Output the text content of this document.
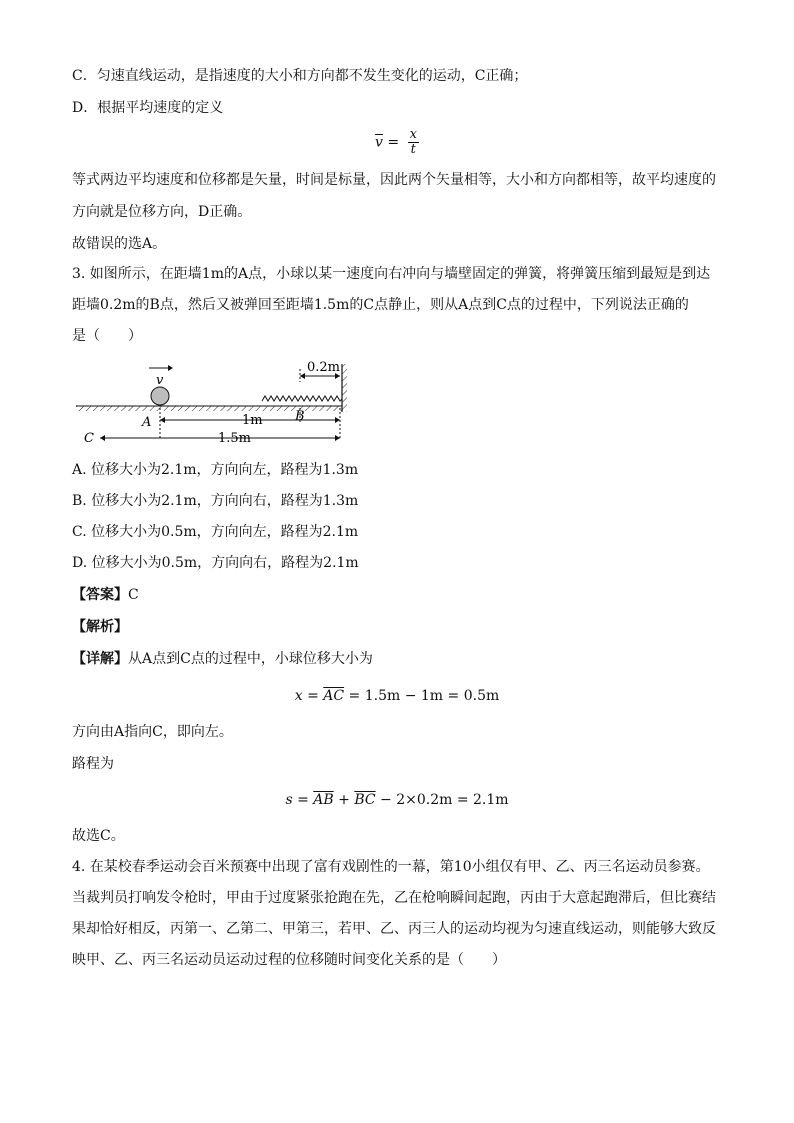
C．匀速直线运动，是指速度的大小和方向都不发生变化的运动，C正确；
D．根据平均速度的定义
$\overline{v} = \frac{x}{t}$
等式两边平均速度和位移都是矢量，时间是标量，因此两个矢量相等，大小和方向都相等，故平均速度的
方向就是位移方向，D正确。
故错误的选A。
3. 如图所示，在距墙1m的A点，小球以某一速度向右冲向与墙壁固定的弹簧，将弹簧压缩到最短是到达
距墙0.2m的B点，然后又被弹回至距墙1.5m的C点静止，则从A点到C点的过程中，下列说法正确的
是（　　）
v
0.2m
A	1m B
C	1.5m
A. 位移大小为2.1m，方向向左，路程为1.3m
B. 位移大小为2.1m，方向向右，路程为1.3m
C. 位移大小为0.5m，方向向左，路程为2.1m
D. 位移大小为0.5m，方向向右，路程为2.1m
【答案】C
【解析】
【详解】从A点到C点的过程中，小球位移大小为
$x = \overline{AC} = 1.5m - 1m = 0.5m$
方向由A指向C，即向左。
路程为
$s = \overline{AB} + \overline{BC} - 2\times 0.2m = 2.1m$
故选C。
4. 在某校春季运动会百米预赛中出现了富有戏剧性的一幕，第10小组仅有甲、乙、丙三名运动员参赛。
当裁判员打响发令枪时，甲由于过度紧张抢跑在先，乙在枪响瞬间起跑，丙由于大意起跑滞后，但比赛结
果却恰好相反，丙第一、乙第二、甲第三，若甲、乙、丙三人的运动均视为匀速直线运动，则能够大致反
映甲、乙、丙三名运动员运动过程的位移随时间变化关系的是（　　）
